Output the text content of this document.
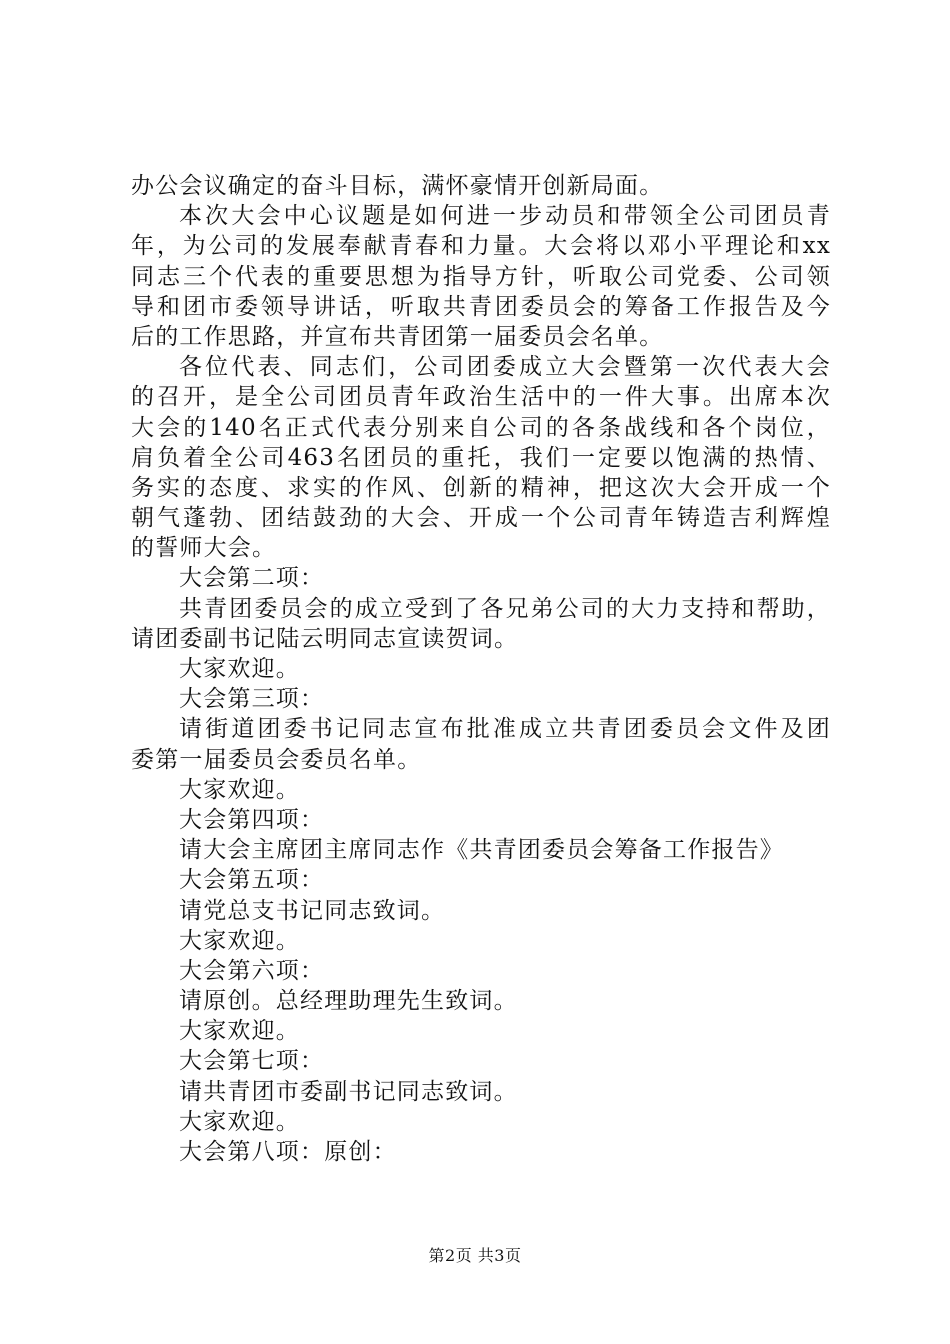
办公会议确定的奋斗目标，满怀豪情开创新局面。
本次大会中心议题是如何进一步动员和带领全公司团员青
年，为公司的发展奉献青春和力量。大会将以邓小平理论和xx
同志三个代表的重要思想为指导方针，听取公司党委、公司领
导和团市委领导讲话，听取共青团委员会的筹备工作报告及今
后的工作思路，并宣布共青团第一届委员会名单。
各位代表、同志们，公司团委成立大会暨第一次代表大会
的召开，是全公司团员青年政治生活中的一件大事。出席本次
大会的140名正式代表分别来自公司的各条战线和各个岗位，
肩负着全公司463名团员的重托，我们一定要以饱满的热情、
务实的态度、求实的作风、创新的精神，把这次大会开成一个
朝气蓬勃、团结鼓劲的大会、开成一个公司青年铸造吉利辉煌
的誓师大会。
大会第二项：
共青团委员会的成立受到了各兄弟公司的大力支持和帮助，
请团委副书记陆云明同志宣读贺词。
大家欢迎。
大会第三项：
请街道团委书记同志宣布批准成立共青团委员会文件及团
委第一届委员会委员名单。
大家欢迎。
大会第四项：
请大会主席团主席同志作《共青团委员会筹备工作报告》
大会第五项：
请党总支书记同志致词。
大家欢迎。
大会第六项：
请原创。总经理助理先生致词。
大家欢迎。
大会第七项：
请共青团市委副书记同志致词。
大家欢迎。
大会第八项：原创：
第2页 共3页
